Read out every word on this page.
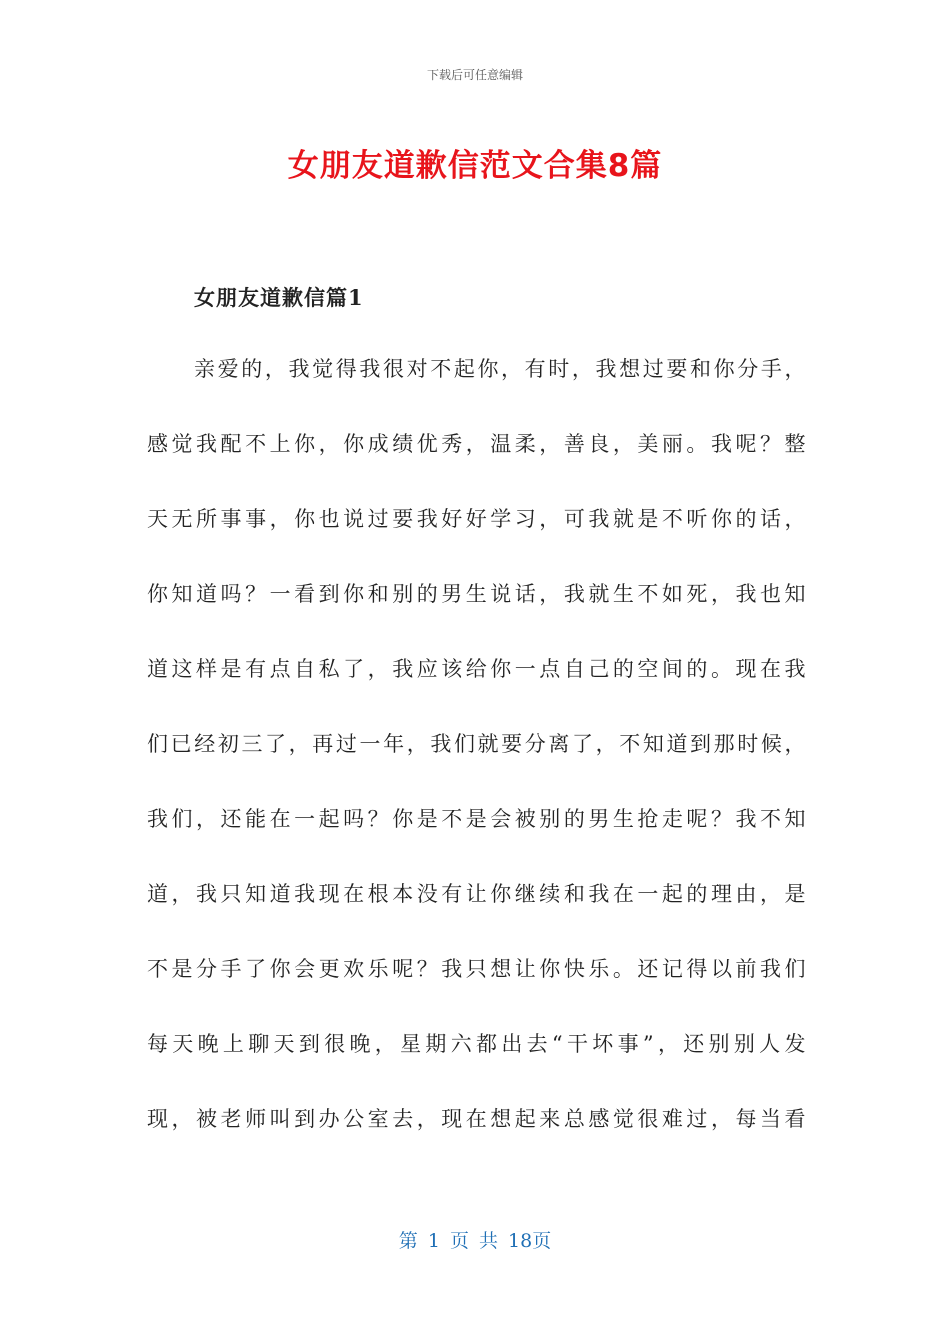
下载后可任意编辑
女朋友道歉信范文合集8篇
女朋友道歉信篇1
亲爱的，我觉得我很对不起你，有时，我想过要和你分手，
感觉我配不上你，你成绩优秀，温柔，善良，美丽。我呢？整
天无所事事，你也说过要我好好学习，可我就是不听你的话，
你知道吗？一看到你和别的男生说话，我就生不如死，我也知
道这样是有点自私了，我应该给你一点自己的空间的。现在我
们已经初三了，再过一年，我们就要分离了，不知道到那时候，
我们，还能在一起吗？你是不是会被别的男生抢走呢？我不知
道，我只知道我现在根本没有让你继续和我在一起的理由，是
不是分手了你会更欢乐呢？我只想让你快乐。还记得以前我们
每天晚上聊天到很晚，星期六都出去“干坏事”，还别别人发
现，被老师叫到办公室去，现在想起来总感觉很难过，每当看
第 1 页 共 18页
